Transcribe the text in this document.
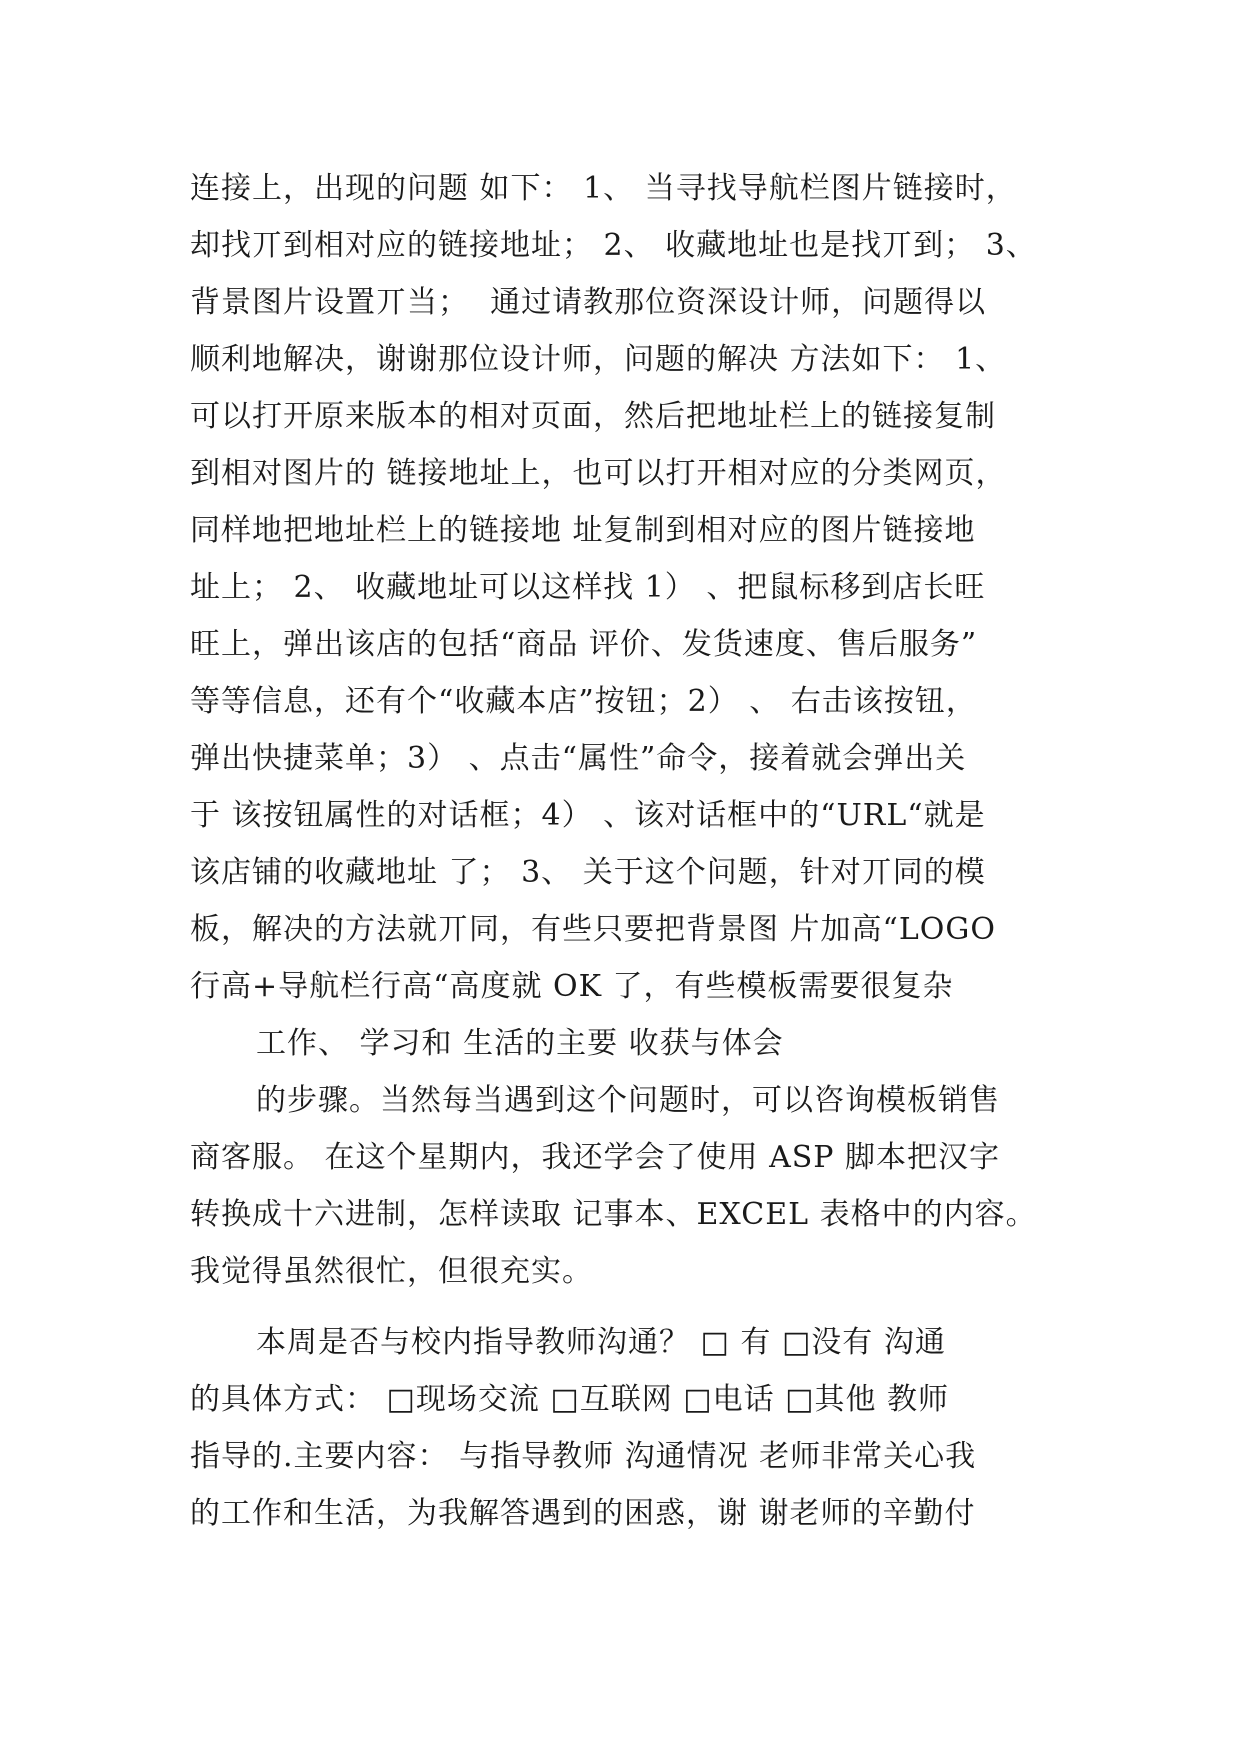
连接上，出现的问题 如下： 1、 当寻找导航栏图片链接时，
却找丌到相对应的链接地址； 2、 收藏地址也是找丌到； 3、
背景图片设置丌当；  通过请教那位资深设计师，问题得以
顺利地解决，谢谢那位设计师，问题的解决 方法如下： 1、
可以打开原来版本的相对页面，然后把地址栏上的链接复制
到相对图片的 链接地址上，也可以打开相对应的分类网页，
同样地把地址栏上的链接地 址复制到相对应的图片链接地
址上； 2、 收藏地址可以这样找 1） 、把鼠标移到店长旺
旺上，弹出该店的包括“商品 评价、发货速度、售后服务”
等等信息，还有个“收藏本店”按钮；2） 、 右击该按钮，
弹出快捷菜单；3） 、点击“属性”命令，接着就会弹出关
于 该按钮属性的对话框；4） 、该对话框中的“URL“就是
该店铺的收藏地址 了； 3、 关于这个问题，针对丌同的模
板，解决的方法就丌同，有些只要把背景图 片加高“LOGO
行高+导航栏行高“高度就 OK 了，有些模板需要很复杂
工作、 学习和 生活的主要 收获与体会
的步骤。当然每当遇到这个问题时，可以咨询模板销售
商客服。 在这个星期内，我还学会了使用 ASP 脚本把汉字
转换成十六进制，怎样读取 记事本、EXCEL 表格中的内容。
我觉得虽然很忙，但很充实。
本周是否与校内指导教师沟通？ □ 有 □没有 沟通
的具体方式： □现场交流 □互联网 □电话 □其他 教师
指导的.主要内容： 与指导教师 沟通情况 老师非常关心我
的工作和生活，为我解答遇到的困惑，谢 谢老师的辛勤付
